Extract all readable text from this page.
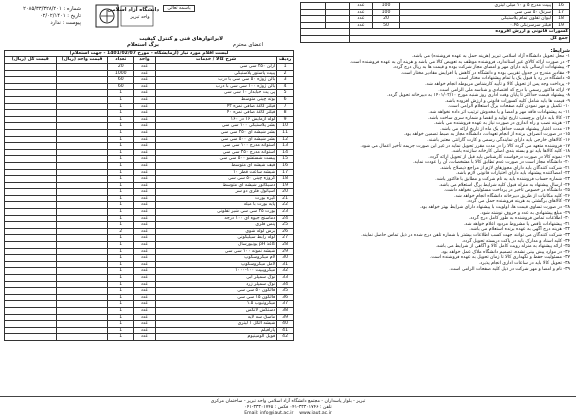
شماره : ۲۰۸۵/۳۳/۳۲۸/۲۰۱
تاریخ : ۰۲/۰۲/۱۴۰۱
پیوست : ندارد
دانشگاه آزاد اسلامی
واحد تبریز
یاسمه تعالی
لابراتوارهای فنی و کنترل کیفیت
اعضای محترم
برگ استعلام
16	پیپت مدرج ۵ و ۱۰ میلی لیتری	100	عدد		
17	سرنگ ۵۰ سی سی	100	عدد		
18	لیوان تفلون تمام پلاستیکی	20	عدد		
19	فیلتر سرسرنگی ۰.۴۵	50	عدد		
کسورات قانونی و ارزش افزوده					
جمع کل					
لیست اقلام مورد نیاز (آزمایشگاه - مورخ 1401/02/07 - جهت استعلام)
ردیف	شرح کالا / خدمات	واحد	تعداد	قیمت واحد (ریال)	قیمت کل (ریال)
1	ارلن ۲۵۰ سی سی	عدد	20		
2	پیپت پاستور پلاستیکی	عدد	1000		
3	بالن ژوژه ۵۰ سی سی با درب	عدد	60		
4	بالن ژوژه ۱۰۰ سی سی با درب	عدد	60		
5	پی پت حبابدار ۱۰ سی سی	عدد	1		
6	بوته چینی متوسط	عدد	1		
7	فیلتر کاغذ صافی نمره ۴۲	عدد	1		
8	فیلتر کاغذ صافی نمره ۴۰	عدد	1		
9	لوله آزمایش ۱۶ در ۱۶۰	عدد	1		
10	بشر پلاستیکی ۱۰۰ سی سی	عدد	1		
11	بشر شیشه ای ۲۵۰ سی سی	عدد	1		
12	بشر شیشه ای ۵۰۰ سی سی	عدد	1		
13	استوانه مدرج ۱۰۰ سی سی	عدد	1		
14	استوانه مدرج ۲۵۰ سی سی	عدد	1		
15	پیست شستشو ۵۰۰ سی سی	عدد	1		
16	قیف شیشه ای متوسط	عدد	1		
17	شیشه ساعت قطر ۱۰	عدد	1		
18	کروزه چینی ۵۰ سی سی	عدد	1		
19	دسیکاتور شیشه ای متوسط	عدد	1		
20	اسپاتول فلزی دو سر	عدد	1		
21	گیره بورت	عدد	1		
22	پایه بورت با میله	عدد	1		
23	بورت ۲۵ سی سی شیر تفلونی	عدد	1		
24	دماسنج جیوه ای ۱۰۰ درجه	عدد	1		
25	پنس فلزی	عدد	1		
26	برس لوله شوی	عدد	2		
27	لوله رابط سیلیکونی	عدد	1		
28	کاغذ pH یونیورسال	عدد	1		
29	شیشه نمونه ۱۰۰ سی سی	عدد	1		
30	لام میکروسکوپ	عدد	1		
31	لامل میکروسکوپ	عدد	1		
32	میکروپیپت ۱۰۰-۱۰۰۰	عدد	1		
33	نوک سمپلر آبی	عدد	1		
34	نوک سمپلر زرد	عدد	1		
35	فالکون ۵۰ سی سی	عدد	1		
36	فالکون ۱۵ سی سی	عدد	1		
37	میکروتیوب ۱.۵	عدد	1		
38	دستکش لاتکس	عدد	1		
39	ماسک سه لایه	عدد	1		
40	شیشه الکل ۱ لیتری	عدد	1		
41	پارافیلم	عدد	1		
42	فویل آلومینیوم	عدد	1		
شرایط:
۱- محل تحویل دانشگاه آزاد اسلامی تبریز (هزینه حمل به عهده فروشنده) می باشد.
۲- در صورت ارائه کالای غیر استاندارد، فروشنده موظف به تعویض کالا می باشد و هزینه آن به عهده فروشنده است.
۳- پیشنهادات ارسالی باید دارای مهر و امضای مجاز شرکت بوده و قیمت ها به ریال درج گردد.
۴- مقادیر مندرج در جدول تقریبی بوده و دانشگاه در کاهش یا افزایش مقادیر مختار است.
۵- دانشگاه در رد یا قبول یک یا تمام پیشنهادات مختار است.
۶- پرداخت وجه پس از تحویل کالا و تأیید کارشناس مربوطه انجام خواهد شد.
۷- ارائه فاکتور رسمی با درج کد اقتصادی و شناسه ملی الزامی است.
۸- پیشنهاد قیمت حداکثر تا پایان وقت اداری روز شنبه مورخ ۱۴۰۱/۰۲/۱۰ به دبیرخانه تحویل گردد.
۹- قیمت ها باید شامل کلیه کسورات قانونی و ارزش افزوده باشد.
۱۰- تکمیل و مهر نمودن کلیه صفحات برگ استعلام الزامی است.
۱۱- به پیشنهادات فاقد مهر و امضا و یا مخدوش ترتیب اثر داده نخواهد شد.
۱۲- کالا باید دارای برچسب تاریخ تولید و انقضا و شماره سری ساخت باشد.
۱۳- هزینه نصب و راه اندازی در صورت نیاز به عهده فروشنده می باشد.
۱۴- مدت اعتبار پیشنهاد قیمت حداقل یک ماه از تاریخ ارائه می باشد.
۱۵- در صورت انصراف برنده از انجام تعهدات، دانشگاه مجاز به ضبط تضمین خواهد بود.
۱۶- کالاهای خارجی باید دارای نمایندگی رسمی و کارت گارانتی معتبر باشند.
۱۷- فروشنده متعهد می گردد کالا را در مدت مقرر تحویل نماید در غیر این صورت جریمه تأخیر اعمال می شود.
۱۸- کلیه کالاها باید نو و بسته بندی اصلی کارخانه سازنده باشد.
۱۹- نمونه کالا در صورت درخواست کارشناس باید قبل از تحویل ارائه گردد.
۲۰- دانشگاه مجاز است در صورت عدم تطابق کالا با مشخصات، آن را عودت نماید.
۲۱- شرکت کنندگان باید دارای مجوزهای لازم از مراجع ذیصلاح باشند.
۲۲- امضاکننده پیشنهاد باید دارای اختیارات قانونی لازم باشد.
۲۳- شماره حساب فروشنده باید به نام شرکت و مطابق با فاکتور باشد.
۲۴- ارسال پیشنهاد به منزله قبول کلیه شرایط برگ استعلام می باشد.
۲۵- دانشگاه در خصوص تاخیر در پرداخت مسئولیتی نخواهد داشت.
۲۶- کلیه مکاتبات از طریق دبیرخانه دانشگاه انجام خواهد شد.
۲۷- کالاهای برگشتی به هزینه فروشنده حمل می گردد.
۲۸- در صورت تساوی قیمت ها، اولویت با پیشنهاد دارای شرایط بهتر خواهد بود.
۲۹- مبلغ پیشنهادی به عدد و حروف نوشته شود.
۳۰- اطلاعات تماس فروشنده به طور کامل درج گردد.
۳۱- پیشنهادات ناقص یا مشروط مردود اعلام خواهد شد.
۳۲- هزینه درج آگهی به عهده برنده استعلام می باشد.
۳۳- شرکت کنندگان می توانند جهت کسب اطلاعات بیشتر با شماره تلفن درج شده در ذیل تماس حاصل نمایند.
۳۴- کلیه اسناد و مدارک باید در پاکت دربسته تحویل گردد.
۳۵- ارائه پیشنهاد به منزله رویت کامل کالا و آگاهی از شرایط می باشد.
۳۶- در موارد پیش بینی نشده، تصمیم دانشگاه ملاک عمل خواهد بود.
۳۷- مسئولیت حفظ و نگهداری کالا تا زمان تحویل به عهده فروشنده است.
۳۸- تحویل کالا باید در ساعات اداری انجام پذیرد.
۳۹- نام و امضا و مهر شرکت در ذیل کلیه صفحات الزامی است.
تبریز - بلوار پاسداران - مجتمع دانشگاه آزاد اسلامی واحد تبریز - ساختمان مرکزی
تلفن : ۳۳۳۰۱۷۴۶-۰۴۱ فکس : ۳۳۳۰۱۷۴۵-۰۴۱
Email: info@iaut.ac.ir www.iaut.ac.ir
